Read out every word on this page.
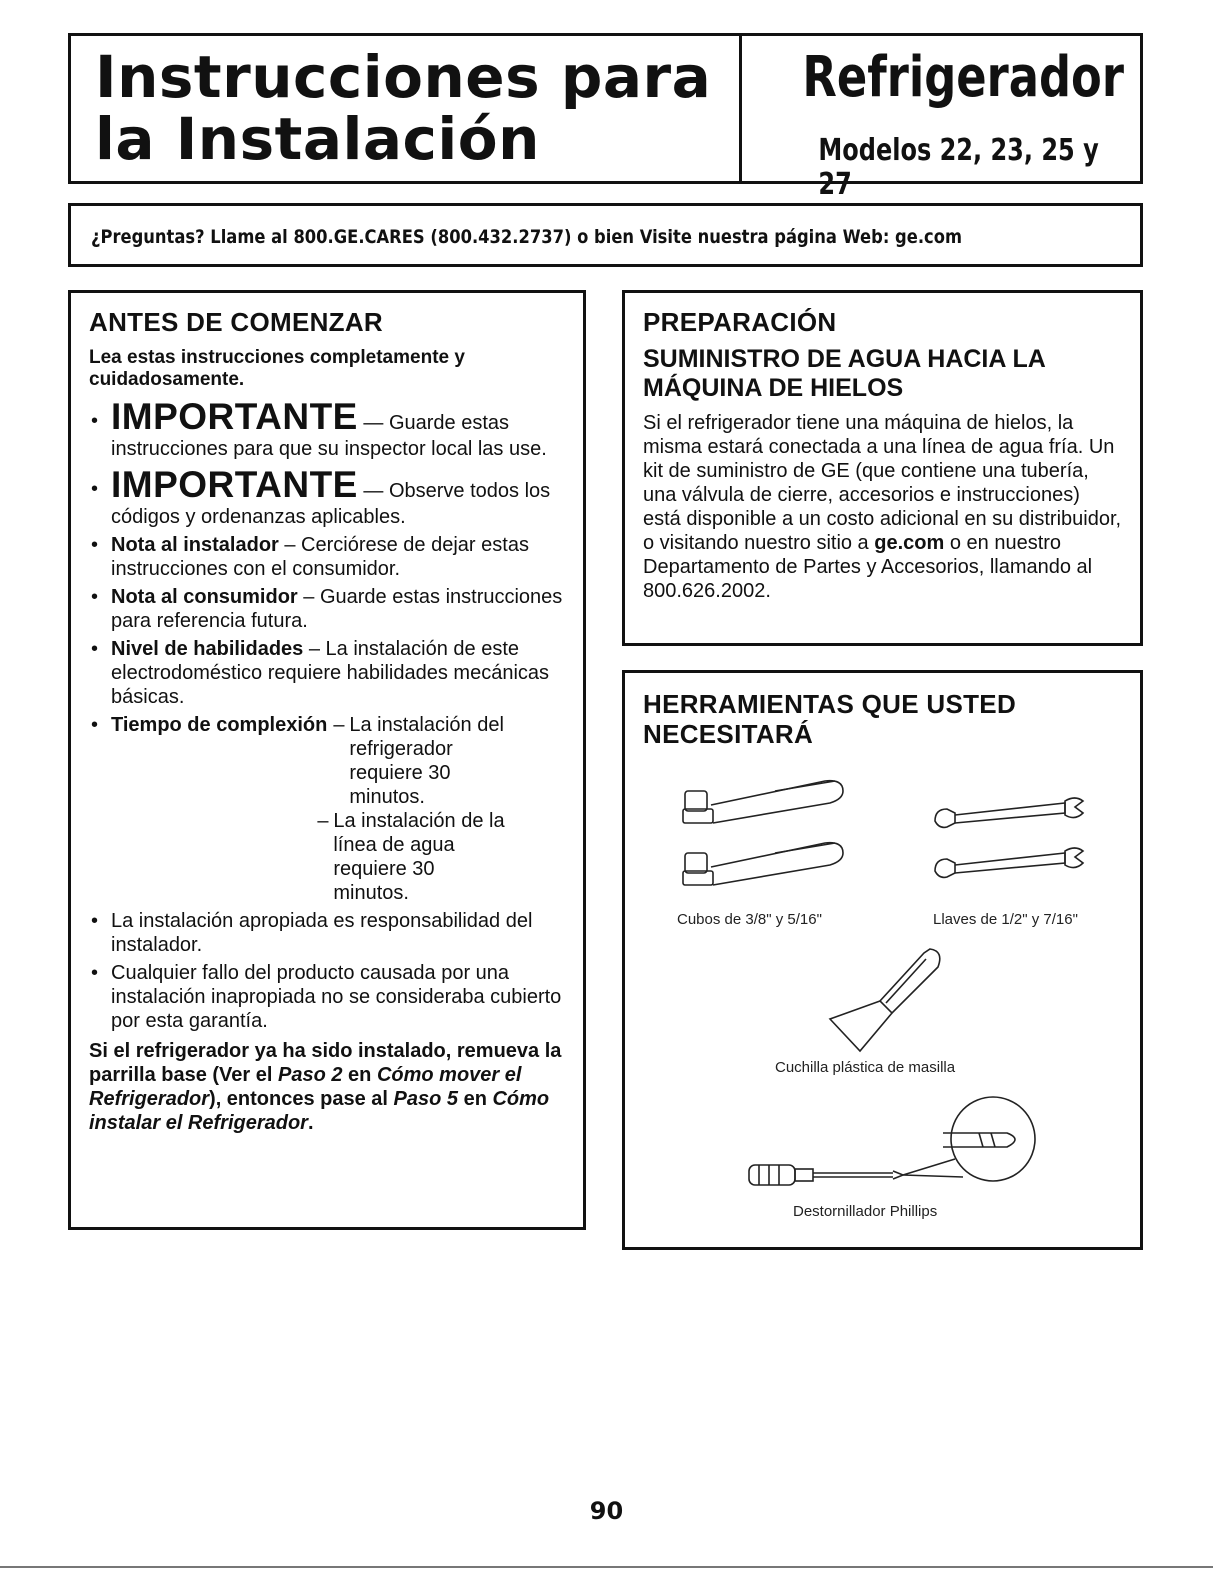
Instrucciones para
la Instalación
Refrigerador
Modelos 22, 23, 25 y 27
¿Preguntas? Llame al 800.GE.CARES (800.432.2737) o bien Visite nuestra página Web: ge.com
ANTES DE COMENZAR
Lea estas instrucciones completamente y cuidadosamente.
• IMPORTANTE — Guarde estas instrucciones para que su inspector local las use.
• IMPORTANTE — Observe todos los códigos y ordenanzas aplicables.
• Nota al instalador – Cerciórese de dejar estas instrucciones con el consumidor.
• Nota al consumidor – Guarde estas instrucciones para referencia futura.
• Nivel de habilidades – La instalación de este electrodoméstico requiere habilidades mecánicas básicas.
• Tiempo de complexión – La instalación del refrigerador requiere 30 minutos.
– La instalación de la línea de agua requiere 30 minutos.
• La instalación apropiada es responsabilidad del instalador.
• Cualquier fallo del producto causada por una instalación inapropiada no se consideraba cubierto por esta garantía.
Si el refrigerador ya ha sido instalado, remueva la parrilla base (Ver el Paso 2 en Cómo mover el Refrigerador), entonces pase al Paso 5 en Cómo instalar el Refrigerador.
PREPARACIÓN
SUMINISTRO DE AGUA HACIA LA MÁQUINA DE HIELOS
Si el refrigerador tiene una máquina de hielos, la misma estará conectada a una línea de agua fría. Un kit de suministro de GE (que contiene una tubería, una válvula de cierre, accesorios e instrucciones) está disponible a un costo adicional en su distribuidor, o visitando nuestro sitio a ge.com o en nuestro Departamento de Partes y Accesorios, llamando al 800.626.2002.
HERRAMIENTAS QUE USTED NECESITARÁ
Cubos de 3/8" y 5/16"	Llaves de 1/2" y 7/16"
Cuchilla plástica de masilla
Destornillador Phillips
90
